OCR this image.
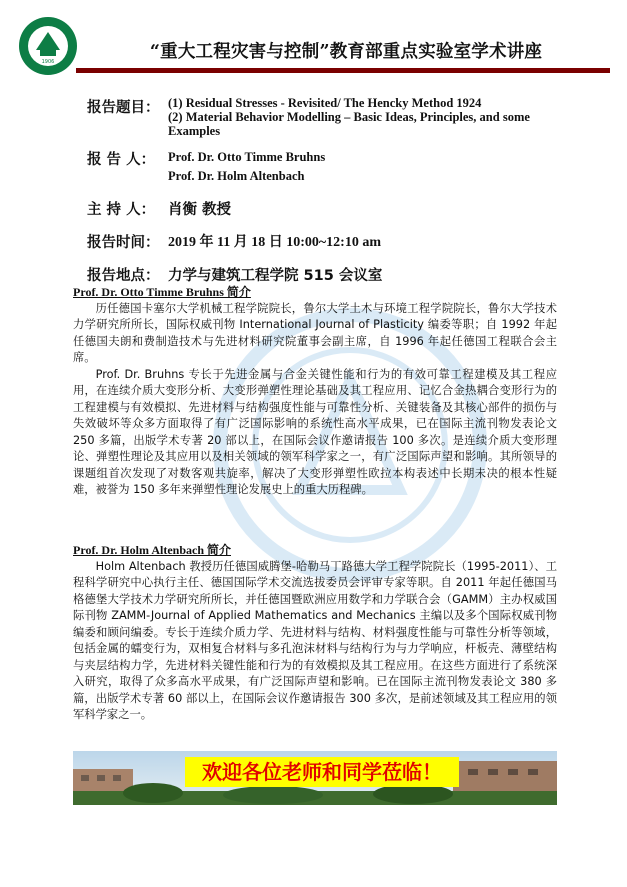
1906	“重大工程灾害与控制”教育部重点实验室学术讲座
报告题目： (1) Residual Stresses - Revisited/ The Hencky Method 1924
(2) Material Behavior Modelling – Basic Ideas, Principles, and some
Examples
报 告 人：	Prof. Dr. Otto Timme Bruhns
Prof. Dr. Holm Altenbach
主 持 人： 肖衡 教授
报告时间： 2019 年 11 月 18 日 10:00~12:10 am
报告地点： 力学与建筑工程学院 515 会议室
Prof. Dr. Otto Timme Bruhns 简介

历任德国卡塞尔大学机械工程学院院长，鲁尔大学土木与环境工程学院院长，鲁尔大学技术力学研究所所长，国际权威刊物 International Journal of Plasticity 编委等职；自 1992 年起任德国夫朗和费制造技术与先进材料研究院董事会副主席，自 1996 年起任德国工程联合会主席。

Prof. Dr. Bruhns 专长于先进金属与合金关键性能和行为的有效可靠工程建模及其工程应用，在连续介质大变形分析、大变形弹塑性理论基础及其工程应用、记忆合金热耦合变形行为的工程建模与有效模拟、先进材料与结构强度性能与可靠性分析、关键装备及其核心部件的损伤与失效破坏等众多方面取得了有广泛国际影响的系统性高水平成果，已在国际主流刊物发表论文 250 多篇，出版学术专著 20 部以上，在国际会议作邀请报告 100 多次。是连续介质大变形理论、弹塑性理论及其应用以及相关领域的领军科学家之一，有广泛国际声望和影响。其所领导的课题组首次发现了对数客观共旋率，解决了大变形弹塑性欧拉本构表述中长期未决的根本性疑难，被誉为 150 多年来弹塑性理论发展史上的重大历程碑。

Prof. Dr. Holm Altenbach 简介

Holm Altenbach 教授历任德国威腾堡-哈勒马丁路德大学工程学院院长（1995-2011）、工程科学研究中心执行主任、德国国际学术交流选拔委员会评审专家等职。自 2011 年起任德国马格德堡大学技术力学研究所所长，并任德国暨欧洲应用数学和力学联合会（GAMM）主办权威国际刊物 ZAMM-Journal of Applied Mathematics and Mechanics 主编以及多个国际权威刊物编委和顾问编委。专长于连续介质力学、先进材料与结构、材料强度性能与可靠性分析等领域，包括金属的蠕变行为，双相复合材料与多孔泡沫材料与结构行为与力学响应，杆板壳、薄壁结构与夹层结构力学，先进材料关键性能和行为的有效模拟及其工程应用。在这些方面进行了系统深入研究，取得了众多高水平成果，有广泛国际声望和影响。已在国际主流刊物发表论文 380 多篇，出版学术专著 60 部以上，在国际会议作邀请报告 300 多次，是前述领域及其工程应用的领军科学家之一。

欢迎各位老师和同学莅临！
